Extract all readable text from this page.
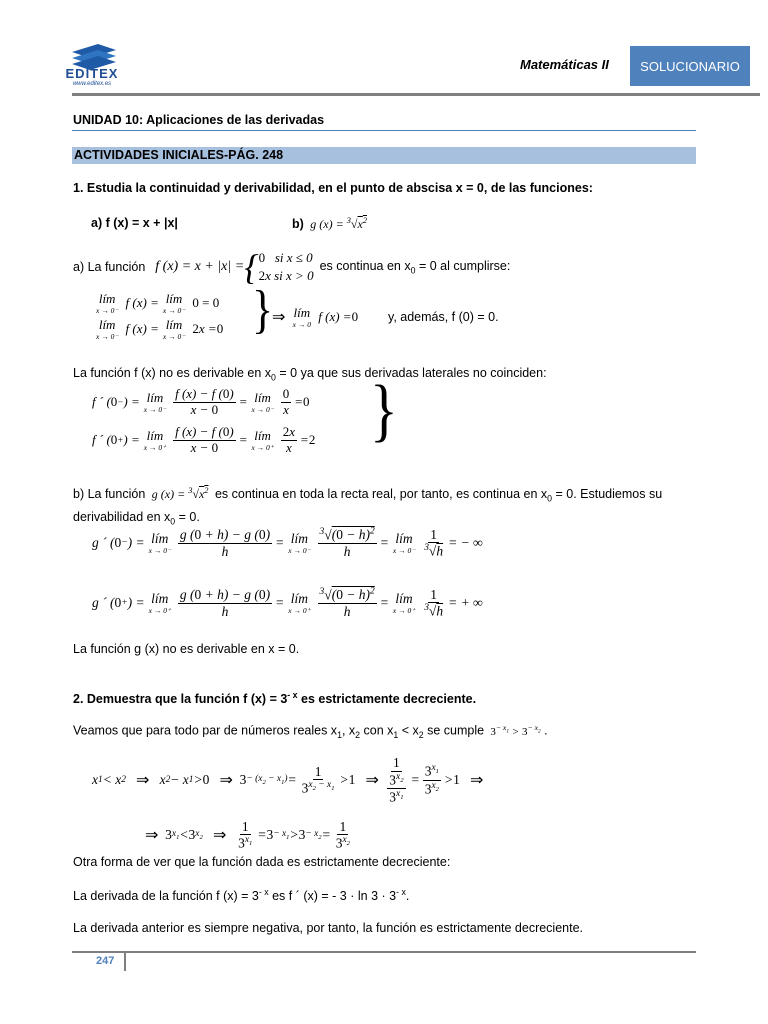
EDITEX
www.editex.es
Matemáticas II	SOLUCIONARIO
UNIDAD 10: Aplicaciones de las derivadas
ACTIVIDADES INICIALES-PÁG. 248
1. Estudia la continuidad y derivabilidad, en el punto de abscisa x = 0, de las funciones:
a) f (x) = x + |x|	b)  g $(x) = ^3√x^2$
a) La función f (x) = x + |x| = { 0   si x ≤ 0
2x si x > 0
es continua en $x_0 = 0$ al cumplirse:
lím
x → 0⁻
f (x) = lím
x → 0⁻

0 = 0
lím
x → 0⁻
f (x) = lím
x → 0⁻

2 x = 0 }
⇒
lím
x → 0
f (x) = 0 y, además, f (0) = 0.
La función f (x) no es derivable en $x_0 = 0$ ya que sus derivadas laterales no coinciden:
f ´ ( 0 − ) = lím
$x \to 0^- \frac{f (x) - f (0)}{x - 0}$ = lím
$x \to 0^- \frac{0}{x} = 0$
f ´ ( 0 + ) = lím
$x \to 0^+ \frac{f (x) - f (0)}{x - 0}$ = lím
$x \to 0^+ \frac{2x}{x} = 2$ }
b) La función  g $(x) = ^3√x^2$ es continua en toda la recta real, por tanto, es continua en $x_0 = 0$. Estudiemos su
derivabilidad en $x_0 = 0$.
g ´ ( 0 − ) = lím
$x \to 0^- \frac{g (0 + h) - g (0)}{h}$ = lím
$x \to 0^- \frac{^3√(0 - h)^2}{h}$ = lím
$x \to 0^- \frac{1}{^3√h}$ = − ∞
g ´ ( 0 + ) = lím
$x \to 0^+ \frac{g (0 + h) - g (0)}{h}$ = lím
$x \to 0^+ \frac{^3√(0 - h)^2}{h}$ = lím
$x \to 0^+ \frac{1}{^3√h}$ = + ∞
La función g (x) no es derivable en x = 0.
2. Demuestra que la función f $(x) = 3^{- x}$ es estrictamente decreciente.
Veamos que para todo par de números reales $x_1$, $x_2$ con $x_1 < x_2$ se cumple $3^{- x_1} > 3^{- x_2}$ .
x 1 < x 2
⇒ x 2 − x 1 > 0
⇒
$3 - (x_2 - x_1) = \frac{1}{3^{x_2 - x_1}} > 1$
⇒
$\frac{1}{\frac{3^{x_2}}{3^{x_1}}} = \frac{3^{x_1}}{3^{x_2}} > 1$
⇒
⇒
3 $x_1 < 3$ $x_2$
⇒
$\frac{1}{3^{x_1}} = 3 - x_1 > 3 - x_2 = \frac{1}{3^{x_2}}$
Otra forma de ver que la función dada es estrictamente decreciente:
La derivada de la función f $(x) = 3^{- x}$ es f ´ (x) = - $3 \cdot \ln 3 \cdot 3^{- x}$.
La derivada anterior es siempre negativa, por tanto, la función es estrictamente decreciente.
247
